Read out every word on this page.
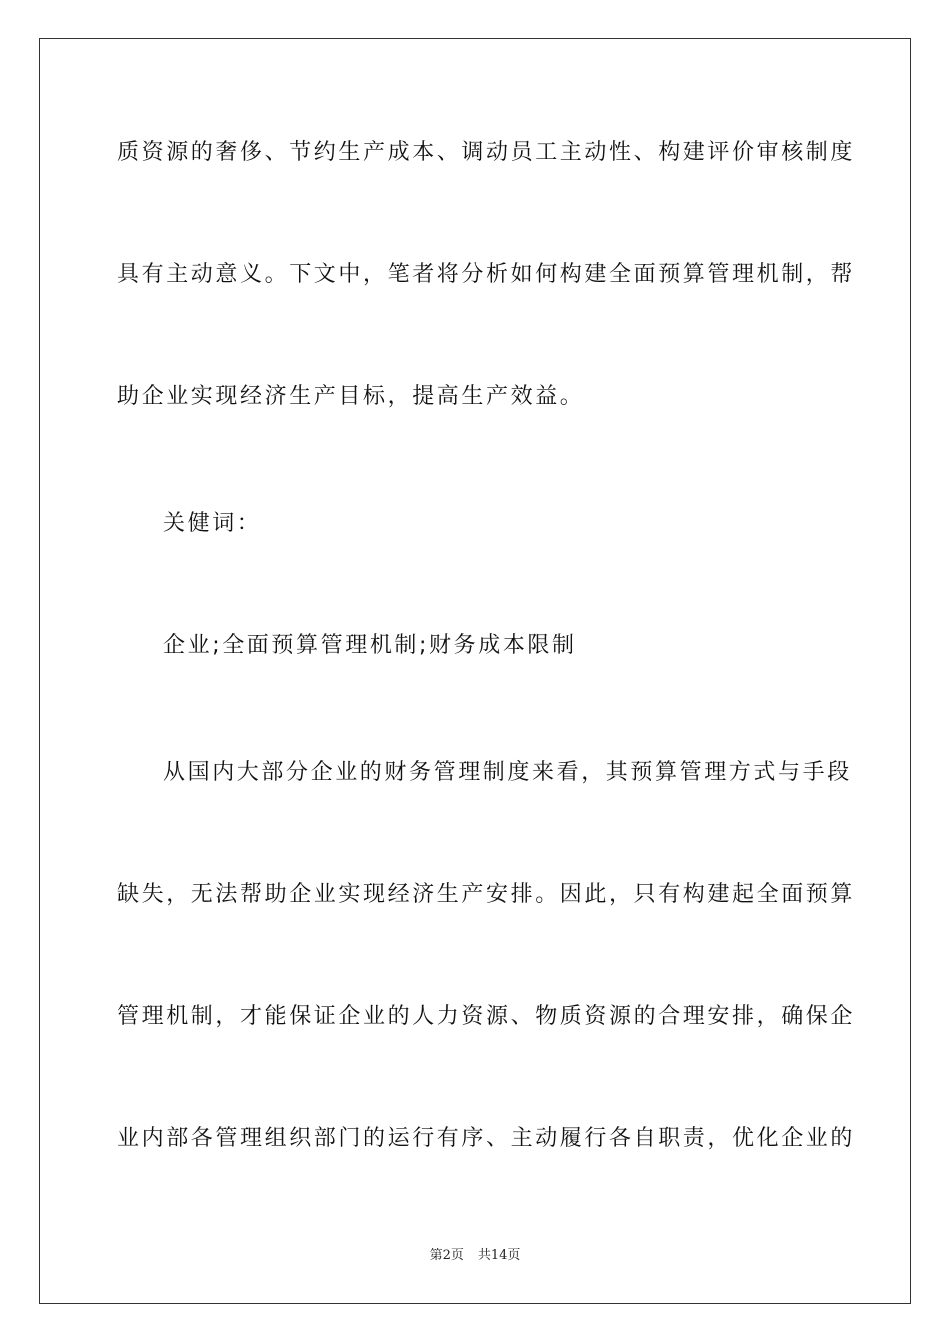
质资源的奢侈、节约生产成本、调动员工主动性、构建评价审核制度
具有主动意义。下文中，笔者将分析如何构建全面预算管理机制，帮
助企业实现经济生产目标，提高生产效益。
关健词：
企业;全面预算管理机制;财务成本限制
从国内大部分企业的财务管理制度来看，其预算管理方式与手段
缺失，无法帮助企业实现经济生产安排。因此，只有构建起全面预算
管理机制，才能保证企业的人力资源、物质资源的合理安排，确保企
业内部各管理组织部门的运行有序、主动履行各自职责，优化企业的
第2页 共14页
